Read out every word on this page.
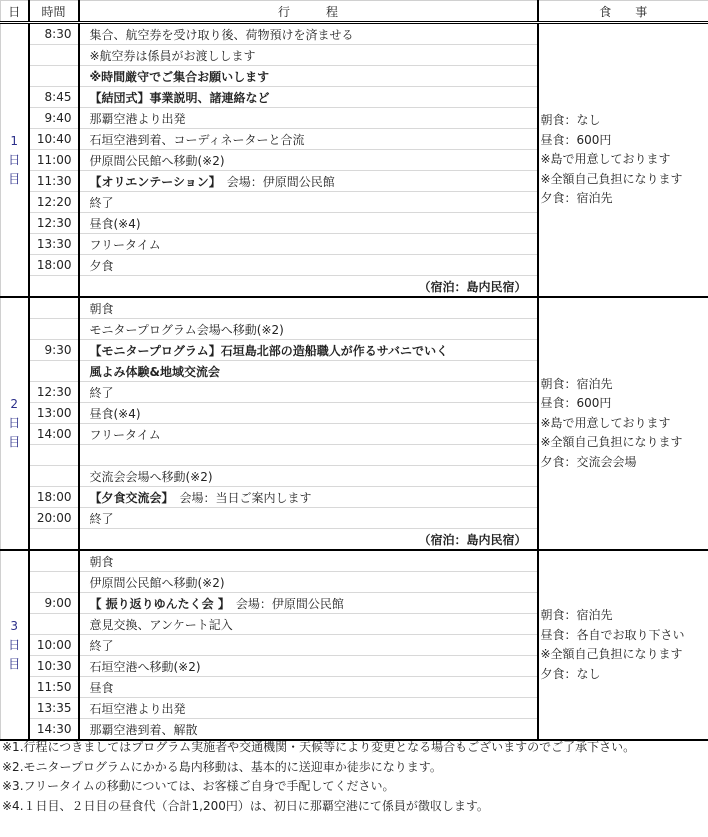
日	時間	行　　　程	食　　事

1
日
目
	8:30	集合、航空券を受け取り後、荷物預けを済ませる	
朝食：なし
昼食：600円
※島で用意しております
※全額自己負担になります
夕食：宿泊先

		※航空券は係員がお渡しします	
		※時間厳守でご集合お願いします	
	8:45	【結団式】事業説明、諸連絡など	
	9:40	那覇空港より出発	
	10:40	石垣空港到着、コーディネーターと合流	
	11:00	伊原間公民館へ移動(※2)	
	11:30	【オリエンテーション】　会場：伊原間公民館	
	12:20	終了	
	12:30	昼食(※4)	
	13:30	フリータイム	
	18:00	夕食	
		（宿泊：島内民宿）	

2
日
目
		朝食	
朝食：宿泊先
昼食：600円
※島で用意しております
※全額自己負担になります
夕食：交流会会場

		モニタープログラム会場へ移動(※2)	
	9:30	【モニタープログラム】石垣島北部の造船職人が作るサバニでいく	
		風よみ体験&地域交流会	
	12:30	終了	
	13:00	昼食(※4)	
	14:00	フリータイム	

		交流会会場へ移動(※2)	
	18:00	【夕食交流会】　会場：当日ご案内します	
	20:00	終了	
		（宿泊：島内民宿）	

3
日
目
		朝食	
朝食：宿泊先
昼食：各自でお取り下さい
※全額自己負担になります
夕食：なし

		伊原間公民館へ移動(※2)	
	9:00	【 振り返りゆんたく会 】　会場：伊原間公民館	
		意見交換、アンケート記入	
	10:00	終了	
	10:30	石垣空港へ移動(※2)	
	11:50	昼食	
	13:35	石垣空港より出発	
	14:30	那覇空港到着、解散	
※1.行程につきましてはプログラム実施者や交通機関・天候等により変更となる場合もございますのでご了承下さい。
※2.モニタープログラムにかかる島内移動は、基本的に送迎車か徒歩になります。
※3.フリータイムの移動については、お客様ご自身で手配してください。
※4.１日目、２日目の昼食代（合計1,200円）は、初日に那覇空港にて係員が徴収します。
